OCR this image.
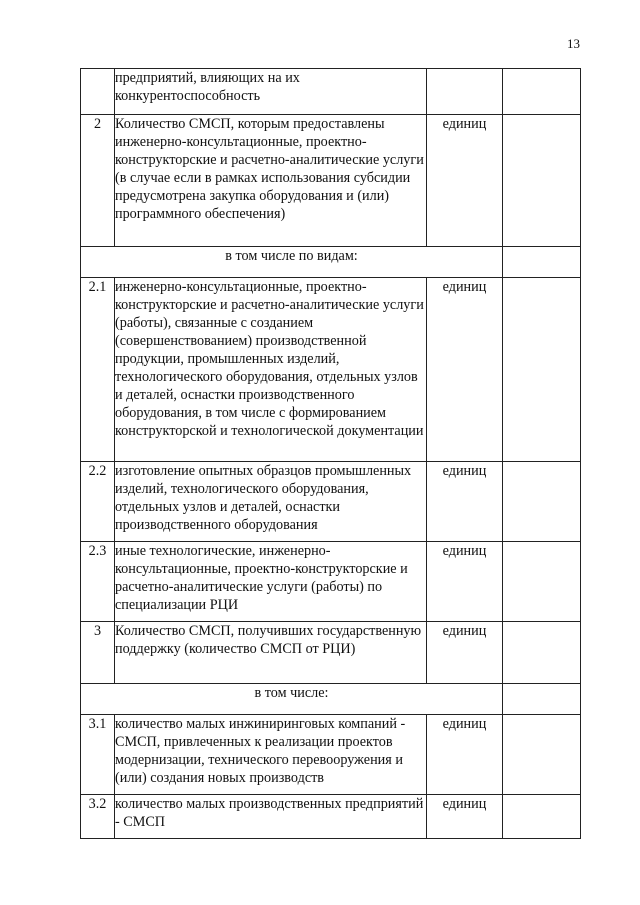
13
	предприятий, влияющих на их конкурентоспособность		
2	Количество СМСП, которым предоставлены инженерно-консультационные, проектно-конструкторские и расчетно-аналитические услуги (в случае если в рамках использования субсидии предусмотрена закупка оборудования и (или) программного обеспечения)	единиц	
в том числе по видам:			
2.1	инженерно-консультационные, проектно-конструкторские и расчетно-аналитические услуги (работы), связанные с созданием (совершенствованием) производственной продукции, промышленных изделий, технологического оборудования, отдельных узлов и деталей, оснастки производственного оборудования, в том числе с формированием конструкторской и технологической документации	единиц	
2.2	изготовление опытных образцов промышленных изделий, технологического оборудования, отдельных узлов и деталей, оснастки производственного оборудования	единиц	
2.3	иные технологические, инженерно-консультационные, проектно-конструкторские и расчетно-аналитические услуги (работы) по специализации РЦИ	единиц	
3	Количество СМСП, получивших государственную поддержку (количество СМСП от РЦИ)	единиц	
в том числе:			
3.1	количество малых инжиниринговых компаний - СМСП, привлеченных к реализации проектов модернизации, технического перевооружения и (или) создания новых производств	единиц	
3.2	количество малых производственных предприятий - СМСП	единиц	
